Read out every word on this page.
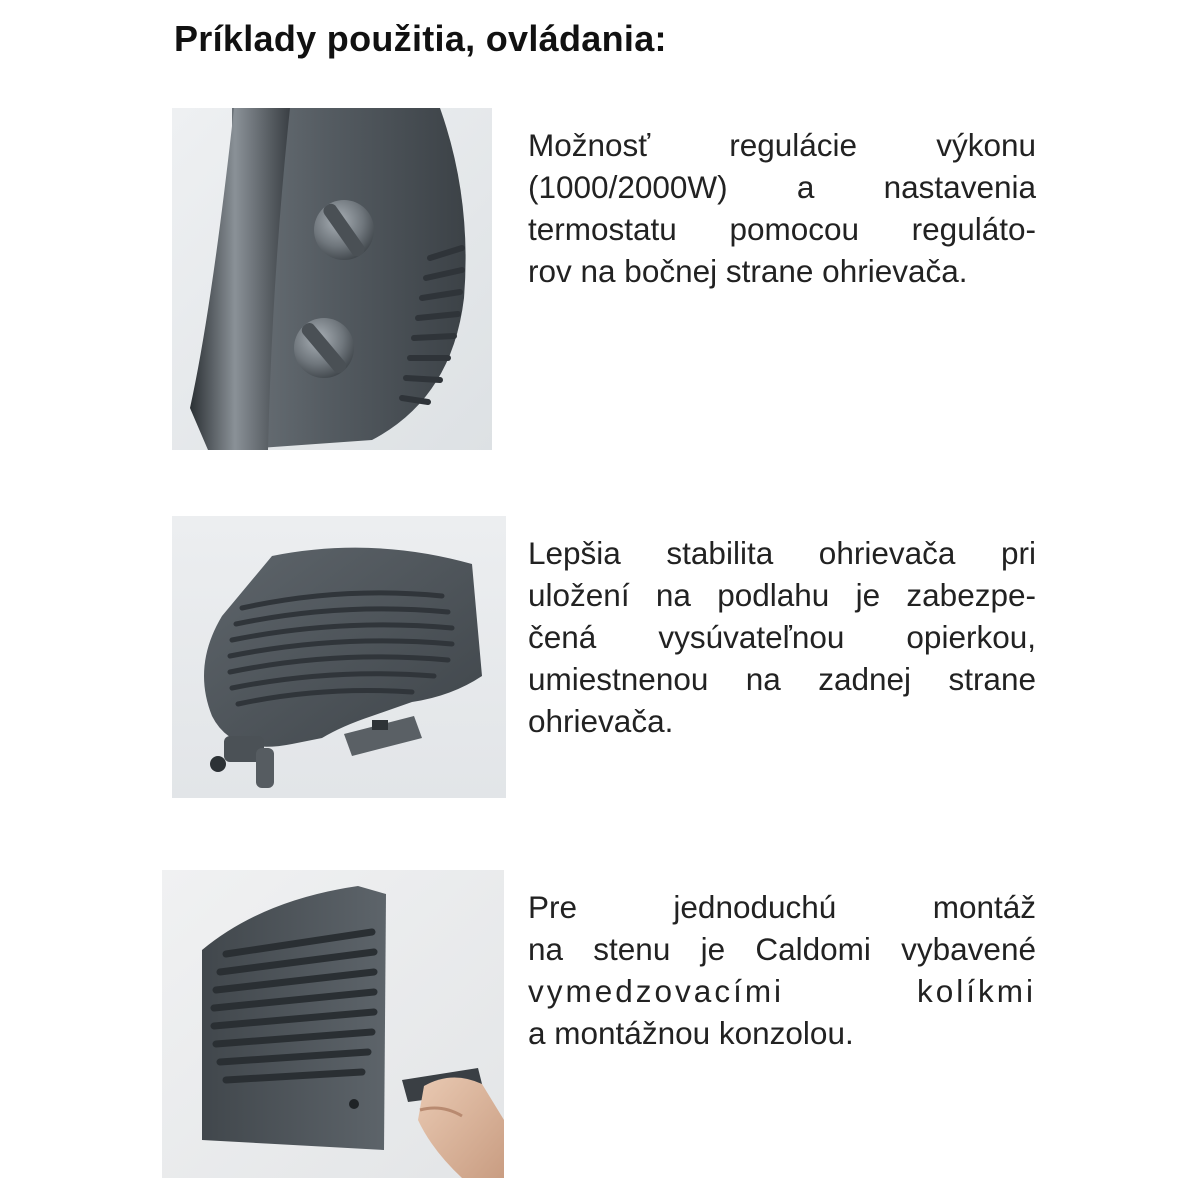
Príklady použitia, ovládania:
Možnosť regulácie výkonu
(1000/2000W) a nastavenia
termostatu pomocou reguláto-
rov na bočnej strane ohrievača.
Lepšia stabilita ohrievača pri
uložení na podlahu je zabezpe-
čená vysúvateľnou opierkou,
umiestnenou na zadnej strane
ohrievača.
Pre jednoduchú montáž
na stenu je Caldomi vybavené
vymedzovacími kolíkmi
a montážnou konzolou.
